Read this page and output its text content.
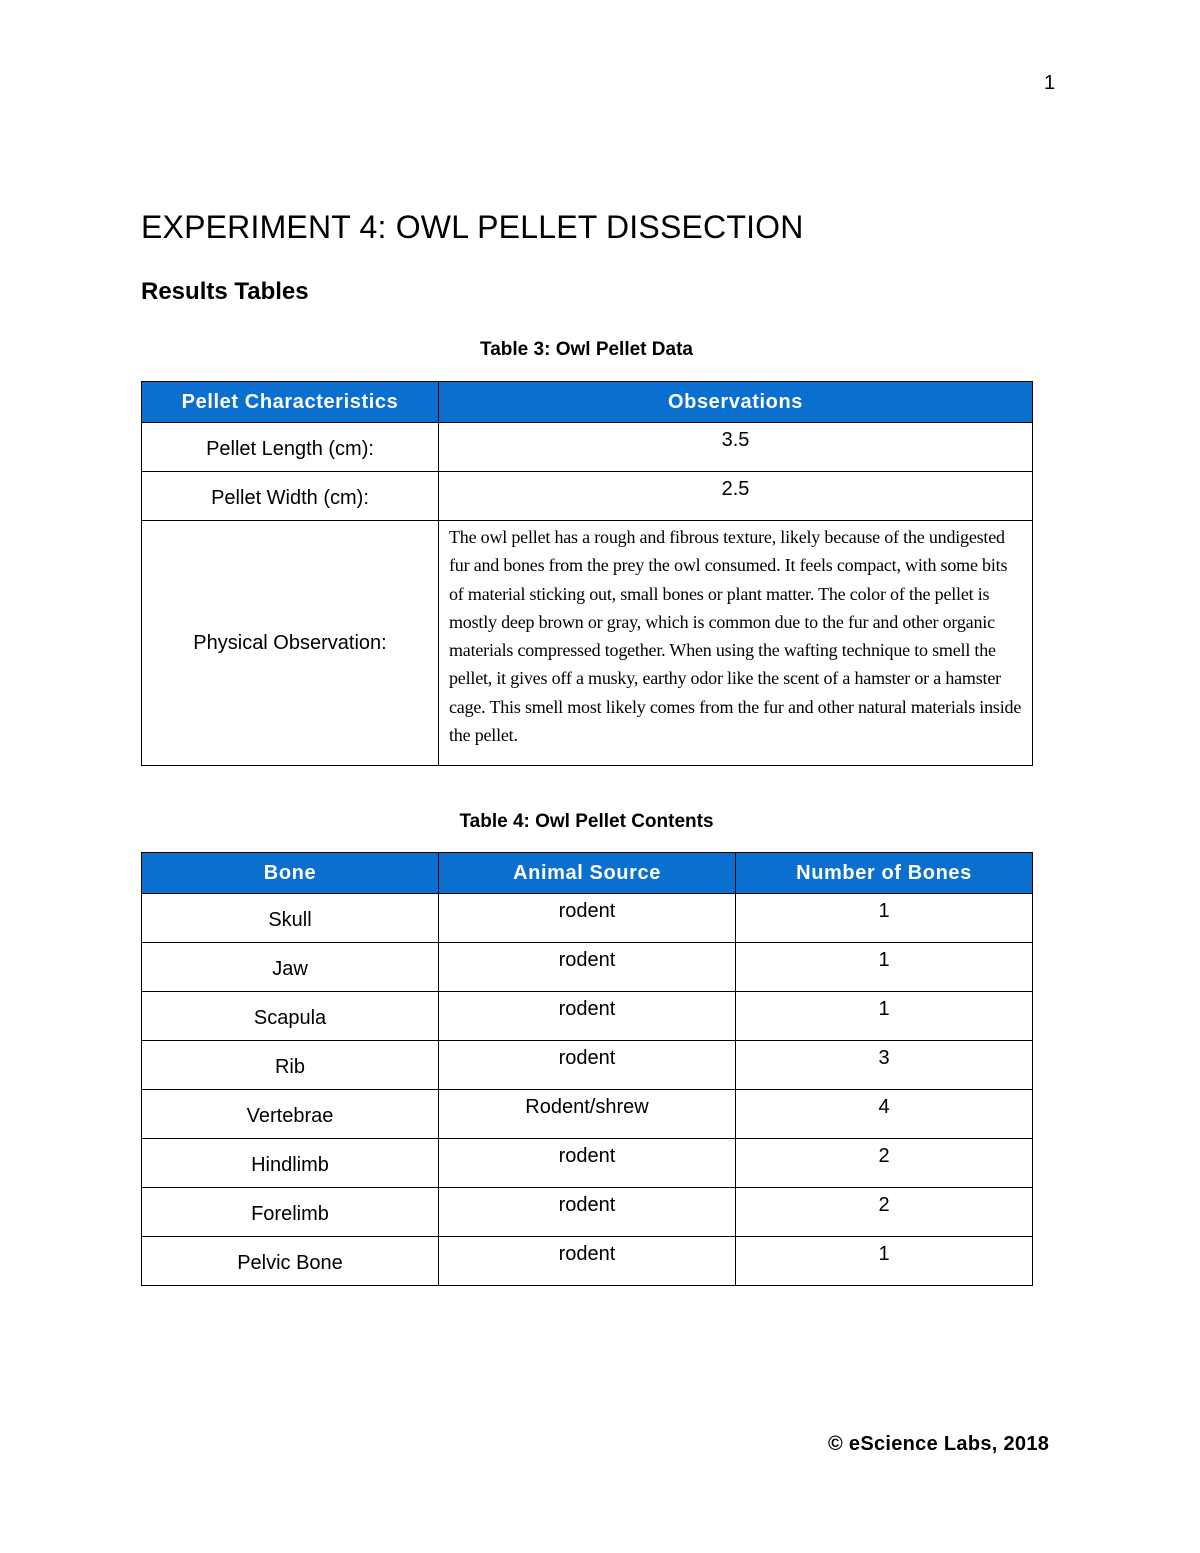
1
EXPERIMENT 4: OWL PELLET DISSECTION
Results Tables
Table 3: Owl Pellet Data
Pellet Characteristics	Observations
Pellet Length (cm):	3.5
Pellet Width (cm):	2.5
Physical Observation:	The owl pellet has a rough and fibrous texture, likely because of the undigested fur and bones from the prey the owl consumed. It feels compact, with some bits of material sticking out, small bones or plant matter. The color of the pellet is mostly deep brown or gray, which is common due to the fur and other organic materials compressed together. When using the wafting technique to smell the pellet, it gives off a musky, earthy odor like the scent of a hamster or a hamster cage. This smell most likely comes from the fur and other natural materials inside the pellet.
Table 4: Owl Pellet Contents
Bone	Animal Source	Number of Bones
Skull	rodent	1
Jaw	rodent	1
Scapula	rodent	1
Rib	rodent	3
Vertebrae	Rodent/shrew	4
Hindlimb	rodent	2
Forelimb	rodent	2
Pelvic Bone	rodent	1
© eScience Labs, 2018
